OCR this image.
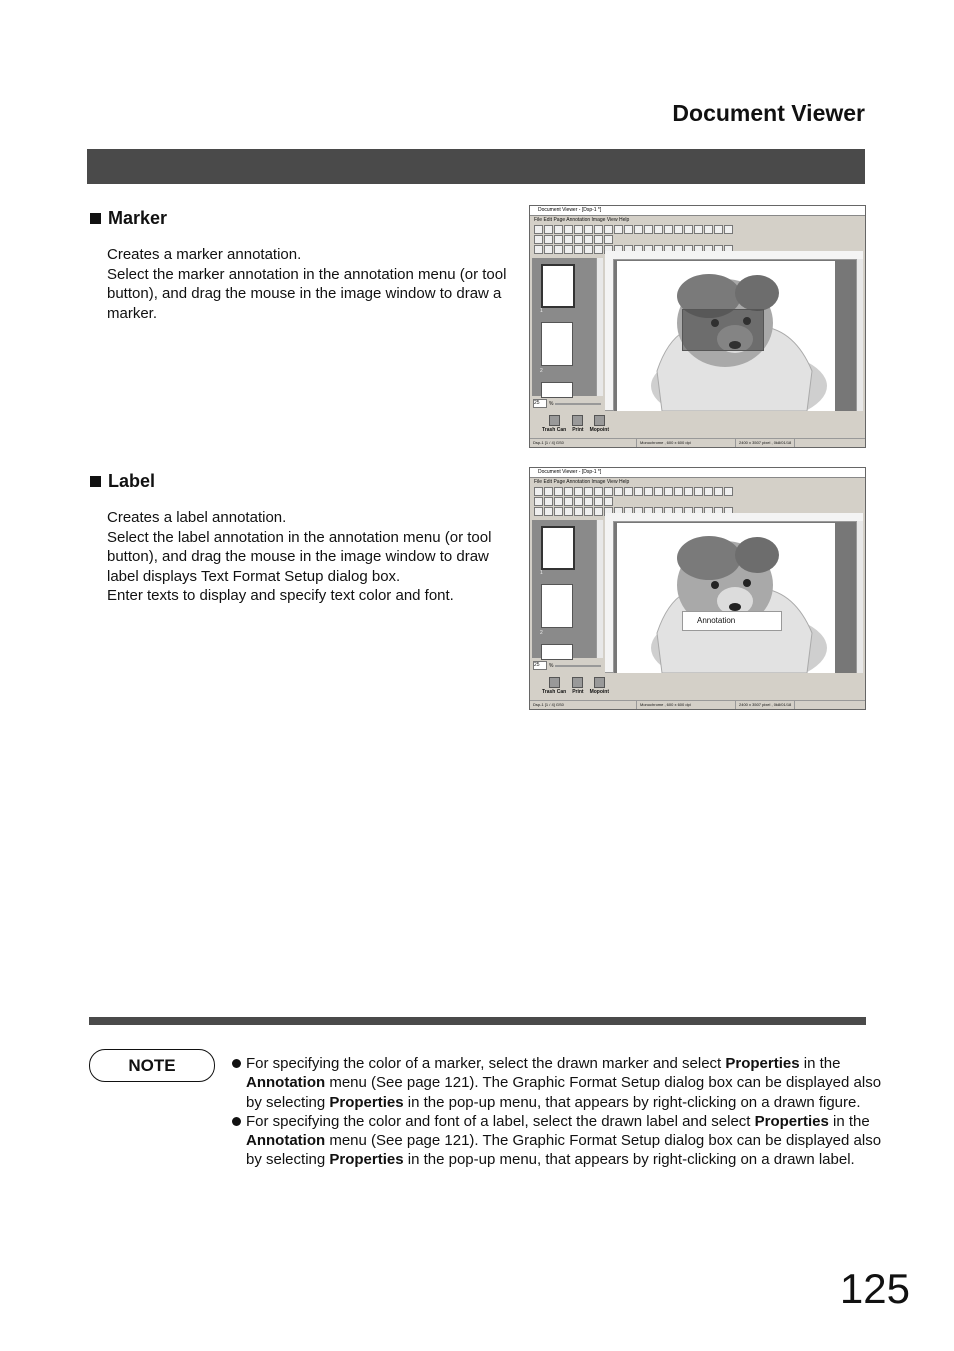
Document Viewer
Marker

Creates a marker annotation.

Select the marker annotation in the annotation menu (or tool button), and drag the mouse in the image window to draw a marker.

Label

Creates a label annotation.

Select the label annotation in the annotation menu (or tool button), and drag the mouse in the image window to draw label displays Text Format Setup dialog box.

Enter texts to display and specify text color and font.

Document Viewer - [Dsp-1 *]
File Edit Page Annotation Image View Help
1
2
25	%
Trash Can Print Mopoint
Dsp-1 [1 / 4] GS0	Monochrome , 600 x 600 dpi	2400 x 3507 pixel , 0k8/01/18
Document Viewer - [Dsp-1 *]
File Edit Page Annotation Image View Help
1
2
25	%
Trash Can Print Mopoint
Annotation
Dsp-1 [1 / 4] GS0	Monochrome , 600 x 600 dpi	2400 x 3507 pixel , 0k8/01/18
NOTE	For specifying the color of a marker, select the drawn marker and select Properties in the Annotation menu (See page 121). The Graphic Format Setup dialog box can be displayed also by selecting Properties in the pop-up menu, that appears by right-clicking on a drawn figure.
For specifying the color and font of a label, select the drawn label and select Properties in the Annotation menu (See page 121). The Graphic Format Setup dialog box can be displayed also by selecting Properties in the pop-up menu, that appears by right-clicking on a drawn label.
125
